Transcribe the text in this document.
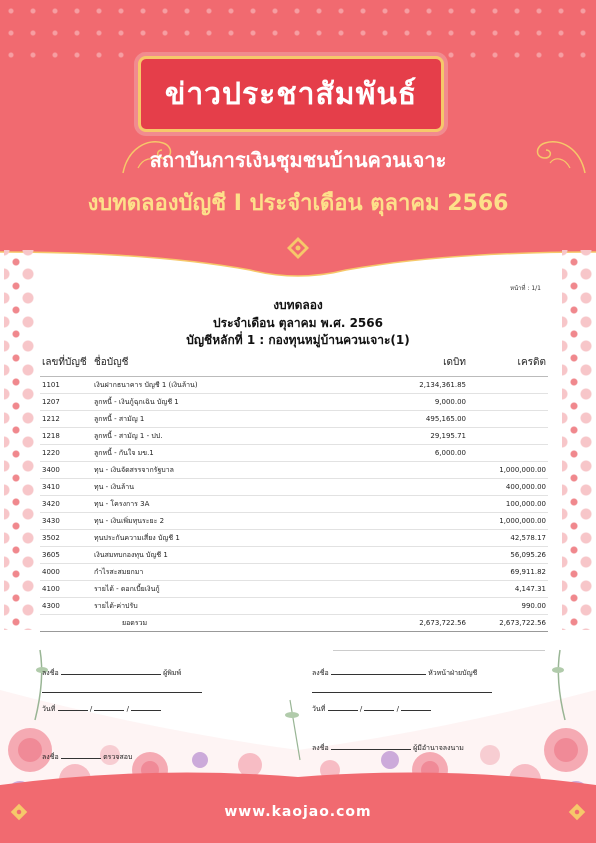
ข่าวประชาสัมพันธ์
สถาบันการเงินชุมชนบ้านควนเจาะ
งบทดลองบัญชี I ประจำเดือน ตุลาคม 2566
หน้าที่ : 1/1
งบทดลอง
ประจำเดือน ตุลาคม พ.ศ. 2566
บัญชีหลักที่ 1 : กองทุนหมู่บ้านควนเจาะ(1)
เลขที่บัญชี	ชื่อบัญชี	เดบิท	เครดิต
1101	เงินฝากธนาคาร บัญชี 1 (เงินล้าน)	2,134,361.85	
1207	ลูกหนี้ - เงินกู้ฉุกเฉิน บัญชี 1	9,000.00	
1212	ลูกหนี้ - สามัญ 1	495,165.00	
1218	ลูกหนี้ - สามัญ 1 - ปป.	29,195.71	
1220	ลูกหนี้ - กันใจ มข.1	6,000.00	
3400	ทุน - เงินจัดสรรจากรัฐบาล		1,000,000.00
3410	ทุน - เงินล้าน		400,000.00
3420	ทุน - โครงการ 3A		100,000.00
3430	ทุน - เงินเพิ่มทุนระยะ 2		1,000,000.00
3502	ทุนประกันความเสี่ยง บัญชี 1		42,578.17
3605	เงินสมทบกองทุน บัญชี 1		56,095.26
4000	กำไรสะสมยกมา		69,911.82
4100	รายได้ - ดอกเบี้ยเงินกู้		4,147.31
4300	รายได้-ค่าปรับ		990.00
	ยอดรวม	2,673,722.56	2,673,722.56
ลงชื่อ	ผู้พิมพ์
วันที่	/	/
ลงชื่อ	ตรวจสอบ
ลงชื่อ	หัวหน้าฝ่ายบัญชี
วันที่	/	/
ลงชื่อ	ผู้มีอำนาจลงนาม
www.kaojao.com
